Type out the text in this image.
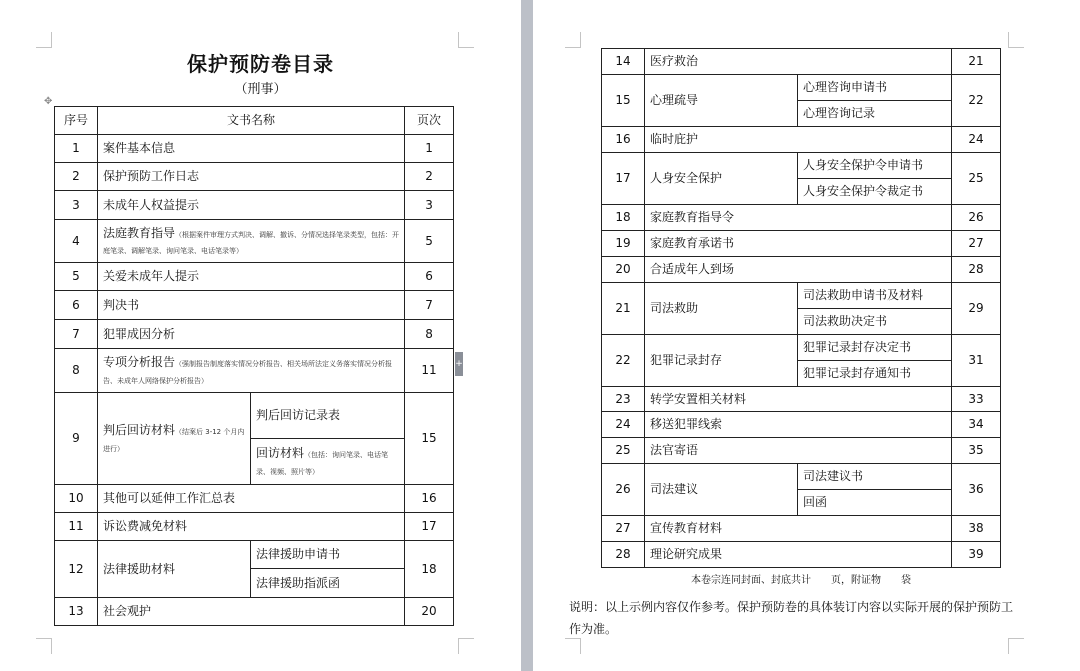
保护预防卷目录
（刑事）
✥
序号	文书名称		页次
1	案件基本信息		1
2	保护预防工作日志		2
3	未成年人权益提示		3
4	法庭教育指导（根据案件审理方式判决、调解、撤诉、分情况选择笔录类型，包括：开庭笔录、调解笔录、询问笔录、电话笔录等）		5
5	关爱未成年人提示		6
6	判决书		7
7	犯罪成因分析		8
8	专项分析报告（强制报告制度落实情况分析报告、相关场所法定义务落实情况分析报告、未成年人网络保护分析报告）		11
9	判后回访材料（结案后 3-12 个月内进行）	判后回访记录表	15
		回访材料（包括：询问笔录、电话笔录、视频、照片等）	
10	其他可以延伸工作汇总表		16
11	诉讼费减免材料		17
12	法律援助材料	法律援助申请书	18
		法律援助指派函	
13	社会观护		20
+
14	医疗救治		21
15	心理疏导	心理咨询申请书	22
		心理咨询记录	
16	临时庇护		24
17	人身安全保护	人身安全保护令申请书	25
		人身安全保护令裁定书	
18	家庭教育指导令		26
19	家庭教育承诺书		27
20	合适成年人到场		28
21	司法救助	司法救助申请书及材料	29
		司法救助决定书	
22	犯罪记录封存	犯罪记录封存决定书	31
		犯罪记录封存通知书	
23	转学安置相关材料		33
24	移送犯罪线索		34
25	法官寄语		35
26	司法建议	司法建议书	36
		回函	
27	宣传教育材料		38
28	理论研究成果		39
本卷宗连同封面、封底共计　　页，附证物　　袋
说明：以上示例内容仅作参考。保护预防卷的具体装订内容以实际开展的保护预防工作为准。
